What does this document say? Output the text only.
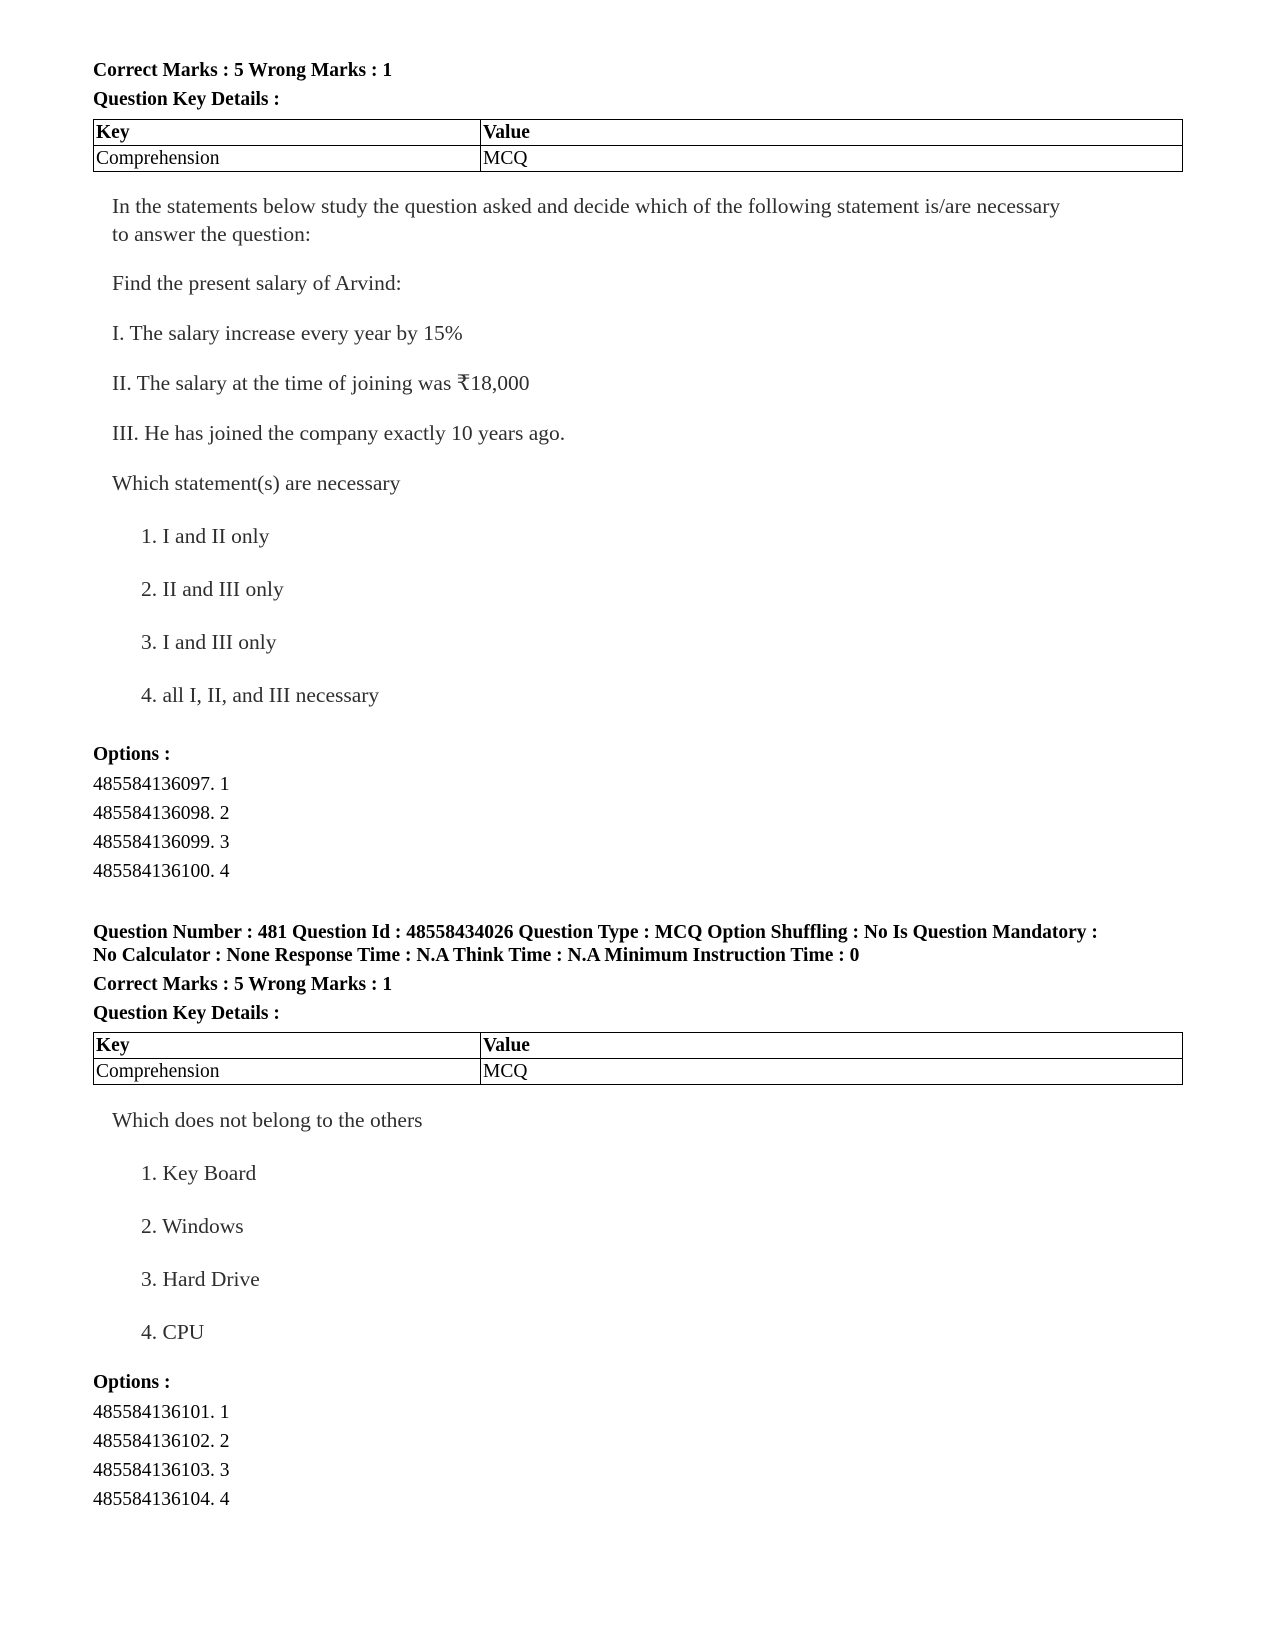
Correct Marks : 5 Wrong Marks : 1
Question Key Details :
Key	Value
Comprehension	MCQ
In the statements below study the question asked and decide which of the following statement is/are necessary
to answer the question:
Find the present salary of Arvind:
I. The salary increase every year by 15%
II. The salary at the time of joining was ₹18,000
III. He has joined the company exactly 10 years ago.
Which statement(s) are necessary
1. I and II only
2. II and III only
3. I and III only
4. all I, II, and III necessary
Options :
485584136097. 1
485584136098. 2
485584136099. 3
485584136100. 4
Question Number : 481 Question Id : 48558434026 Question Type : MCQ Option Shuffling : No Is Question Mandatory :
No Calculator : None Response Time : N.A Think Time : N.A Minimum Instruction Time : 0
Correct Marks : 5 Wrong Marks : 1
Question Key Details :
Key	Value
Comprehension	MCQ
Which does not belong to the others
1. Key Board
2. Windows
3. Hard Drive
4. CPU
Options :
485584136101. 1
485584136102. 2
485584136103. 3
485584136104. 4
